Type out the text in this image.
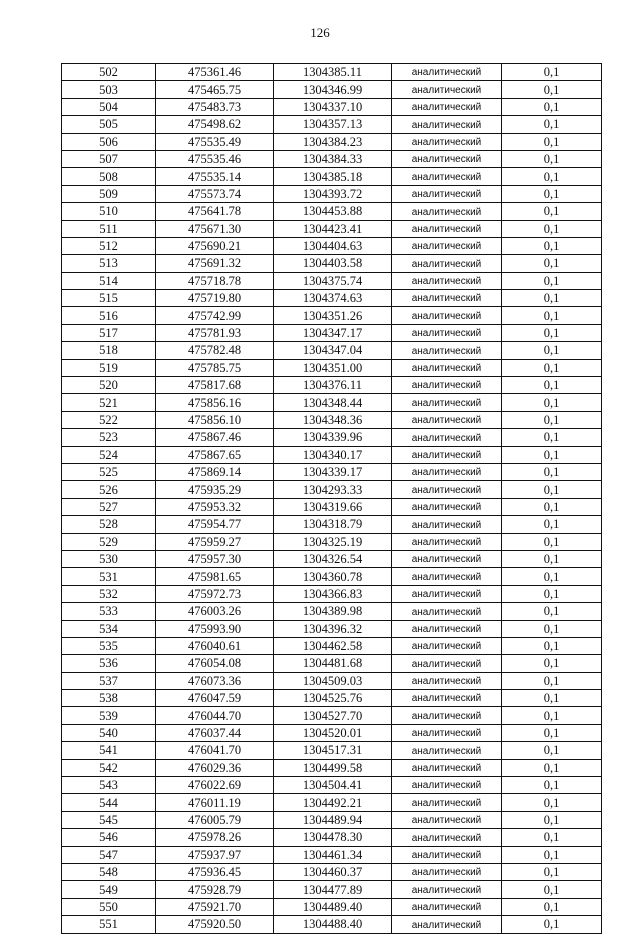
126
502	475361.46	1304385.11	аналитический	0,1
503	475465.75	1304346.99	аналитический	0,1
504	475483.73	1304337.10	аналитический	0,1
505	475498.62	1304357.13	аналитический	0,1
506	475535.49	1304384.23	аналитический	0,1
507	475535.46	1304384.33	аналитический	0,1
508	475535.14	1304385.18	аналитический	0,1
509	475573.74	1304393.72	аналитический	0,1
510	475641.78	1304453.88	аналитический	0,1
511	475671.30	1304423.41	аналитический	0,1
512	475690.21	1304404.63	аналитический	0,1
513	475691.32	1304403.58	аналитический	0,1
514	475718.78	1304375.74	аналитический	0,1
515	475719.80	1304374.63	аналитический	0,1
516	475742.99	1304351.26	аналитический	0,1
517	475781.93	1304347.17	аналитический	0,1
518	475782.48	1304347.04	аналитический	0,1
519	475785.75	1304351.00	аналитический	0,1
520	475817.68	1304376.11	аналитический	0,1
521	475856.16	1304348.44	аналитический	0,1
522	475856.10	1304348.36	аналитический	0,1
523	475867.46	1304339.96	аналитический	0,1
524	475867.65	1304340.17	аналитический	0,1
525	475869.14	1304339.17	аналитический	0,1
526	475935.29	1304293.33	аналитический	0,1
527	475953.32	1304319.66	аналитический	0,1
528	475954.77	1304318.79	аналитический	0,1
529	475959.27	1304325.19	аналитический	0,1
530	475957.30	1304326.54	аналитический	0,1
531	475981.65	1304360.78	аналитический	0,1
532	475972.73	1304366.83	аналитический	0,1
533	476003.26	1304389.98	аналитический	0,1
534	475993.90	1304396.32	аналитический	0,1
535	476040.61	1304462.58	аналитический	0,1
536	476054.08	1304481.68	аналитический	0,1
537	476073.36	1304509.03	аналитический	0,1
538	476047.59	1304525.76	аналитический	0,1
539	476044.70	1304527.70	аналитический	0,1
540	476037.44	1304520.01	аналитический	0,1
541	476041.70	1304517.31	аналитический	0,1
542	476029.36	1304499.58	аналитический	0,1
543	476022.69	1304504.41	аналитический	0,1
544	476011.19	1304492.21	аналитический	0,1
545	476005.79	1304489.94	аналитический	0,1
546	475978.26	1304478.30	аналитический	0,1
547	475937.97	1304461.34	аналитический	0,1
548	475936.45	1304460.37	аналитический	0,1
549	475928.79	1304477.89	аналитический	0,1
550	475921.70	1304489.40	аналитический	0,1
551	475920.50	1304488.40	аналитический	0,1
